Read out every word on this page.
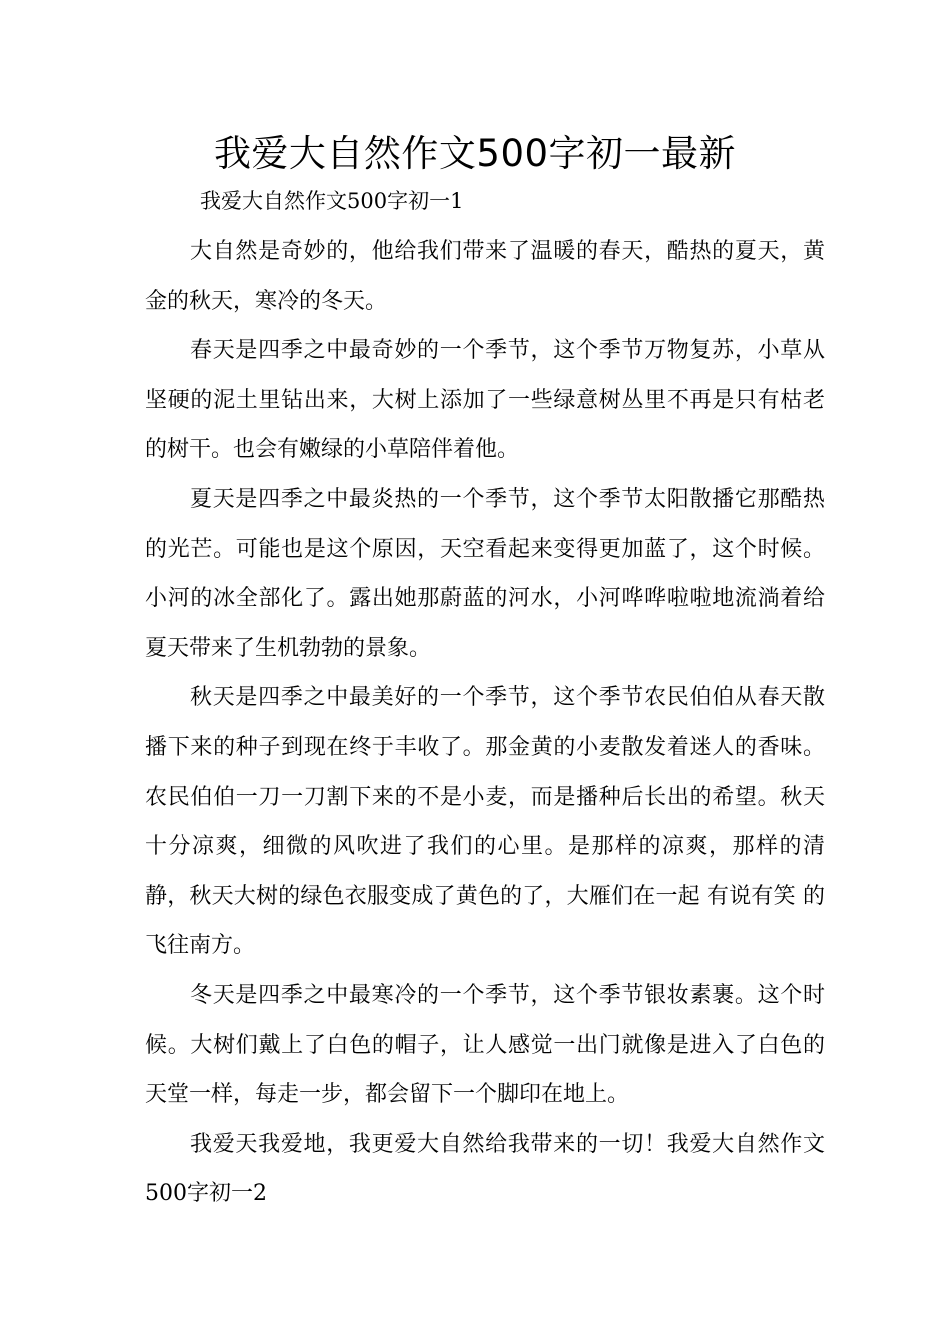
我爱大自然作文500字初一最新
我爱大自然作文500字初一1

大自然是奇妙的，他给我们带来了温暖的春天，酷热的夏天，黄金的秋天，寒冷的冬天。

春天是四季之中最奇妙的一个季节，这个季节万物复苏，小草从坚硬的泥土里钻出来，大树上添加了一些绿意树丛里不再是只有枯老的树干。也会有嫩绿的小草陪伴着他。

夏天是四季之中最炎热的一个季节，这个季节太阳散播它那酷热的光芒。可能也是这个原因，天空看起来变得更加蓝了，这个时候。小河的冰全部化了。露出她那蔚蓝的河水，小河哗哗啦啦地流淌着给夏天带来了生机勃勃的景象。

秋天是四季之中最美好的一个季节，这个季节农民伯伯从春天散播下来的种子到现在终于丰收了。那金黄的小麦散发着迷人的香味。农民伯伯一刀一刀割下来的不是小麦，而是播种后长出的希望。秋天十分凉爽，细微的风吹进了我们的心里。是那样的凉爽，那样的清静，秋天大树的绿色衣服变成了黄色的了，大雁们在一起 有说有笑 的飞往南方。

冬天是四季之中最寒冷的一个季节，这个季节银妆素裹。这个时候。大树们戴上了白色的帽子，让人感觉一出门就像是进入了白色的天堂一样，每走一步，都会留下一个脚印在地上。

我爱天我爱地，我更爱大自然给我带来的一切！我爱大自然作文500字初一2
